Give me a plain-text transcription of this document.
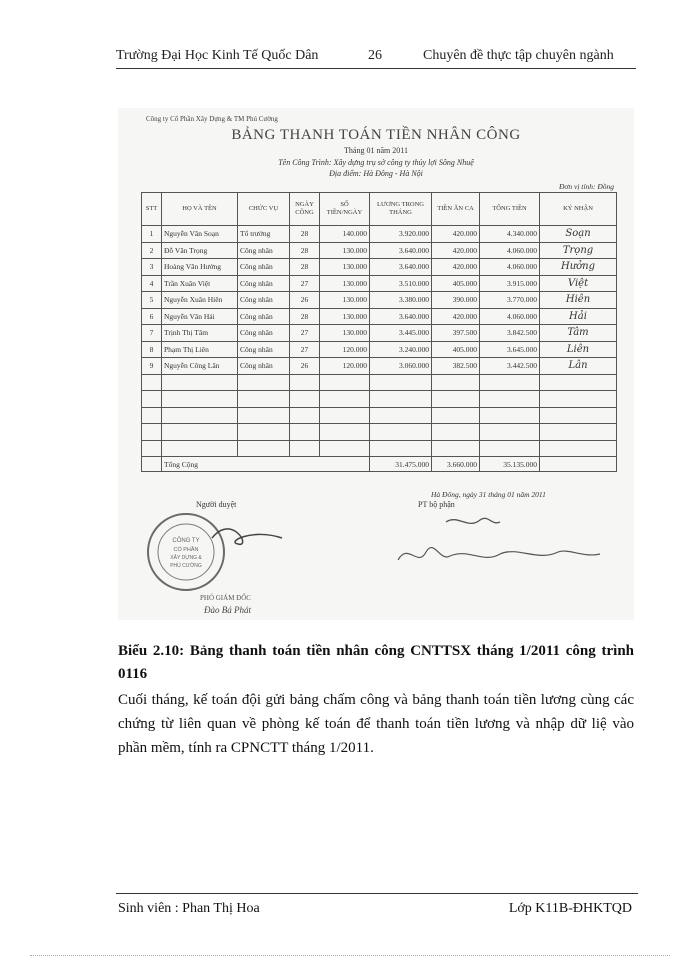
Trường Đại Học Kinh Tế Quốc Dân	26	Chuyên đề thực tập chuyên ngành
Công ty Cổ Phần Xây Dựng & TM Phú Cường
BẢNG THANH TOÁN TIỀN NHÂN CÔNG
Tháng 01 năm 2011
Tên Công Trình: Xây dựng trụ sở công ty thủy lợi Sông Nhuệ
Địa điểm: Hà Đông - Hà Nội
Đơn vị tính: Đồng
STT	HỌ VÀ TÊN	CHỨC VỤ	NGÀY CÔNG	SỐ TIỀN/NGÀY	LƯƠNG TRONG THÁNG	TIỀN ĂN CA	TỔNG TIỀN	KÝ NHẬN
1	Nguyễn Văn Soạn	Tổ trưởng	28	140.000	3.920.000	420.000	4.340.000	Soạn
2	Đỗ Văn Trọng	Công nhân	28	130.000	3.640.000	420.000	4.060.000	Trọng
3	Hoàng Văn Hưởng	Công nhân	28	130.000	3.640.000	420.000	4.060.000	Hưởng
4	Trần Xuân Việt	Công nhân	27	130.000	3.510.000	405.000	3.915.000	Việt
5	Nguyễn Xuân Hiên	Công nhân	26	130.000	3.380.000	390.000	3.770.000	Hiên
6	Nguyễn Văn Hải	Công nhân	28	130.000	3.640.000	420.000	4.060.000	Hải
7	Trịnh Thị Tâm	Công nhân	27	130.000	3.445.000	397.500	3.842.500	Tâm
8	Phạm Thị Liên	Công nhân	27	120.000	3.240.000	405.000	3.645.000	Liên
9	Nguyễn Công Lân	Công nhân	26	120.000	3.060.000	382.500	3.442.500	Lân

	Tổng Cộng				31.475.000	3.660.000	35.135.000	
Hà Đông, ngày 31 tháng 01 năm 2011
Người duyệt	PT bộ phận
CÔNG TY
CỔ PHẦN
XÂY DỰNG &
PHÚ CƯỜNG
PHÓ GIÁM ĐỐC
Đào Bá Phát
Biểu 2.10: Bảng thanh toán tiền nhân công CNTTSX tháng 1/2011 công trình 0116
Cuối tháng, kế toán đội gửi bảng chấm công và bảng thanh toán tiền lương cùng các chứng từ liên quan về phòng kế toán để thanh toán tiền lương và nhập dữ liệ vào phần mềm, tính ra CPNCTT tháng 1/2011.
Sinh viên : Phan Thị Hoa	Lớp K11B-ĐHKTQD
